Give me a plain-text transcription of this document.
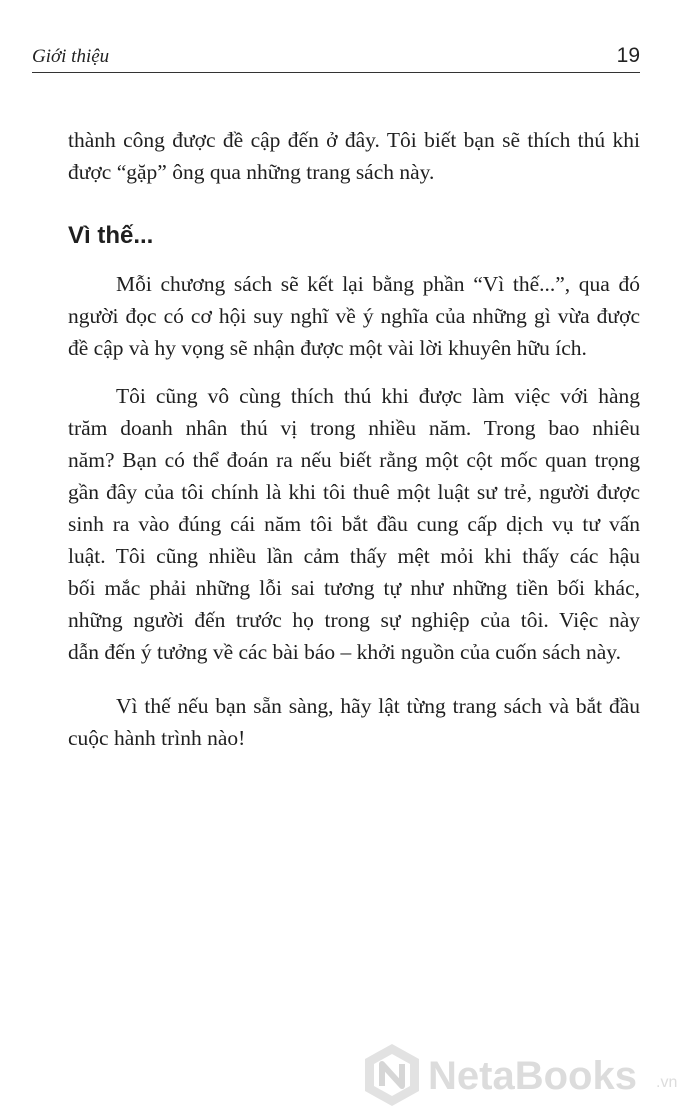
Giới thiệu	19
thành công được đề cập đến ở đây. Tôi biết bạn sẽ thích thú khi
được “gặp” ông qua những trang sách này.
Vì thế...
Mỗi chương sách sẽ kết lại bằng phần “Vì thế...”, qua đó
người đọc có cơ hội suy nghĩ về ý nghĩa của những gì vừa được
đề cập và hy vọng sẽ nhận được một vài lời khuyên hữu ích.
Tôi cũng vô cùng thích thú khi được làm việc với hàng
trăm doanh nhân thú vị trong nhiều năm. Trong bao nhiêu
năm? Bạn có thể đoán ra nếu biết rằng một cột mốc quan trọng
gần đây của tôi chính là khi tôi thuê một luật sư trẻ, người được
sinh ra vào đúng cái năm tôi bắt đầu cung cấp dịch vụ tư vấn
luật. Tôi cũng nhiều lần cảm thấy mệt mỏi khi thấy các hậu
bối mắc phải những lỗi sai tương tự như những tiền bối khác,
những người đến trước họ trong sự nghiệp của tôi. Việc này
dẫn đến ý tưởng về các bài báo – khởi nguồn của cuốn sách này.
Vì thế nếu bạn sẵn sàng, hãy lật từng trang sách và bắt đầu
cuộc hành trình nào!
NetaBooks .vn
